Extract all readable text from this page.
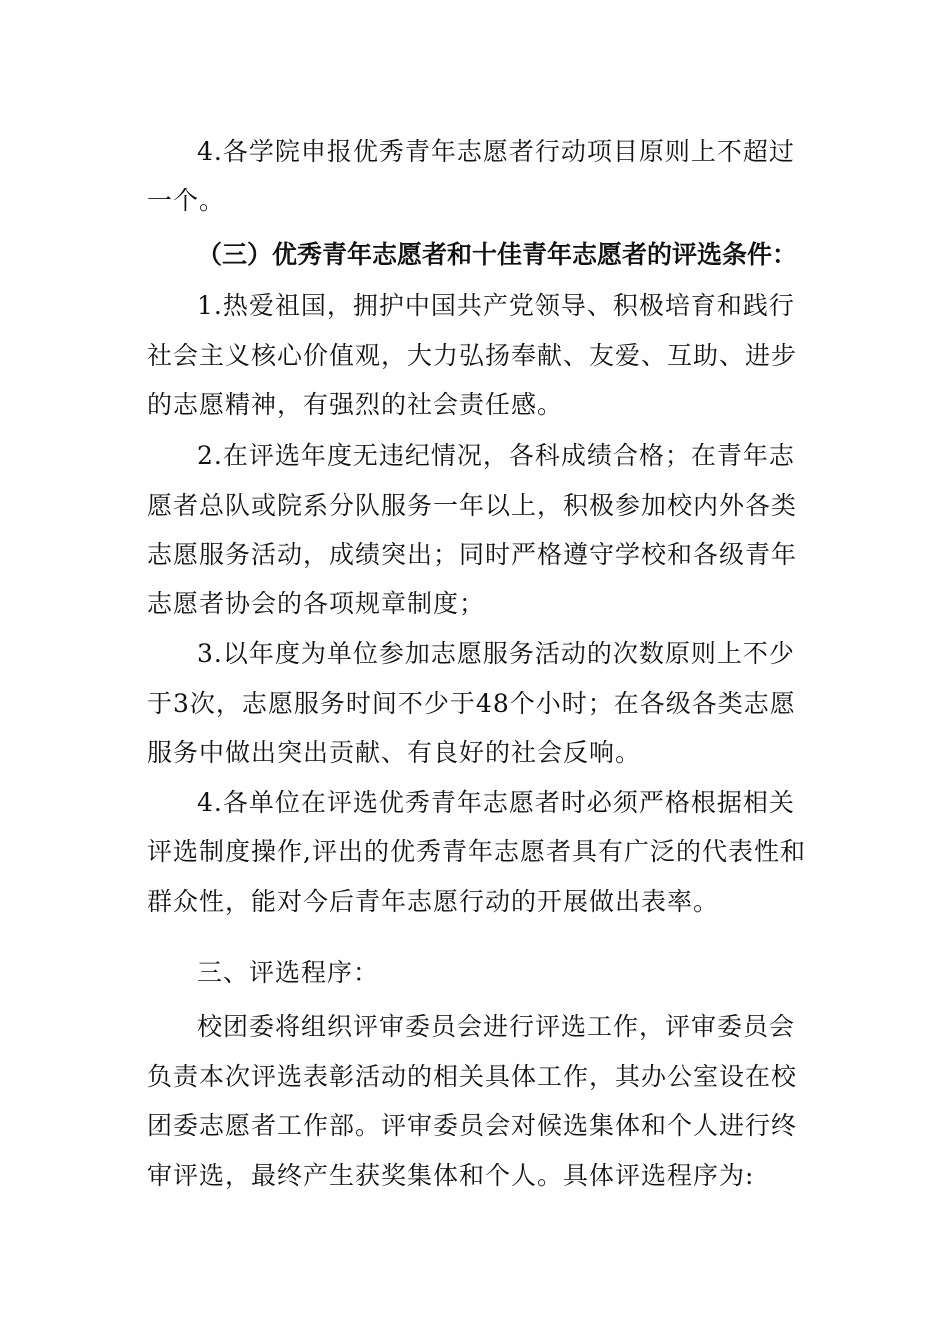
4.各学院申报优秀青年志愿者行动项目原则上不超过
一个。
（三）优秀青年志愿者和十佳青年志愿者的评选条件：
1.热爱祖国，拥护中国共产党领导、积极培育和践行
社会主义核心价值观，大力弘扬奉献、友爱、互助、进步
的志愿精神，有强烈的社会责任感。
2.在评选年度无违纪情况，各科成绩合格；在青年志
愿者总队或院系分队服务一年以上，积极参加校内外各类
志愿服务活动，成绩突出；同时严格遵守学校和各级青年
志愿者协会的各项规章制度；
3.以年度为单位参加志愿服务活动的次数原则上不少
于3次，志愿服务时间不少于48个小时；在各级各类志愿
服务中做出突出贡献、有良好的社会反响。
4.各单位在评选优秀青年志愿者时必须严格根据相关
评选制度操作,评出的优秀青年志愿者具有广泛的代表性和
群众性，能对今后青年志愿行动的开展做出表率。
三、评选程序：
校团委将组织评审委员会进行评选工作，评审委员会
负责本次评选表彰活动的相关具体工作，其办公室设在校
团委志愿者工作部。评审委员会对候选集体和个人进行终
审评选，最终产生获奖集体和个人。具体评选程序为:
